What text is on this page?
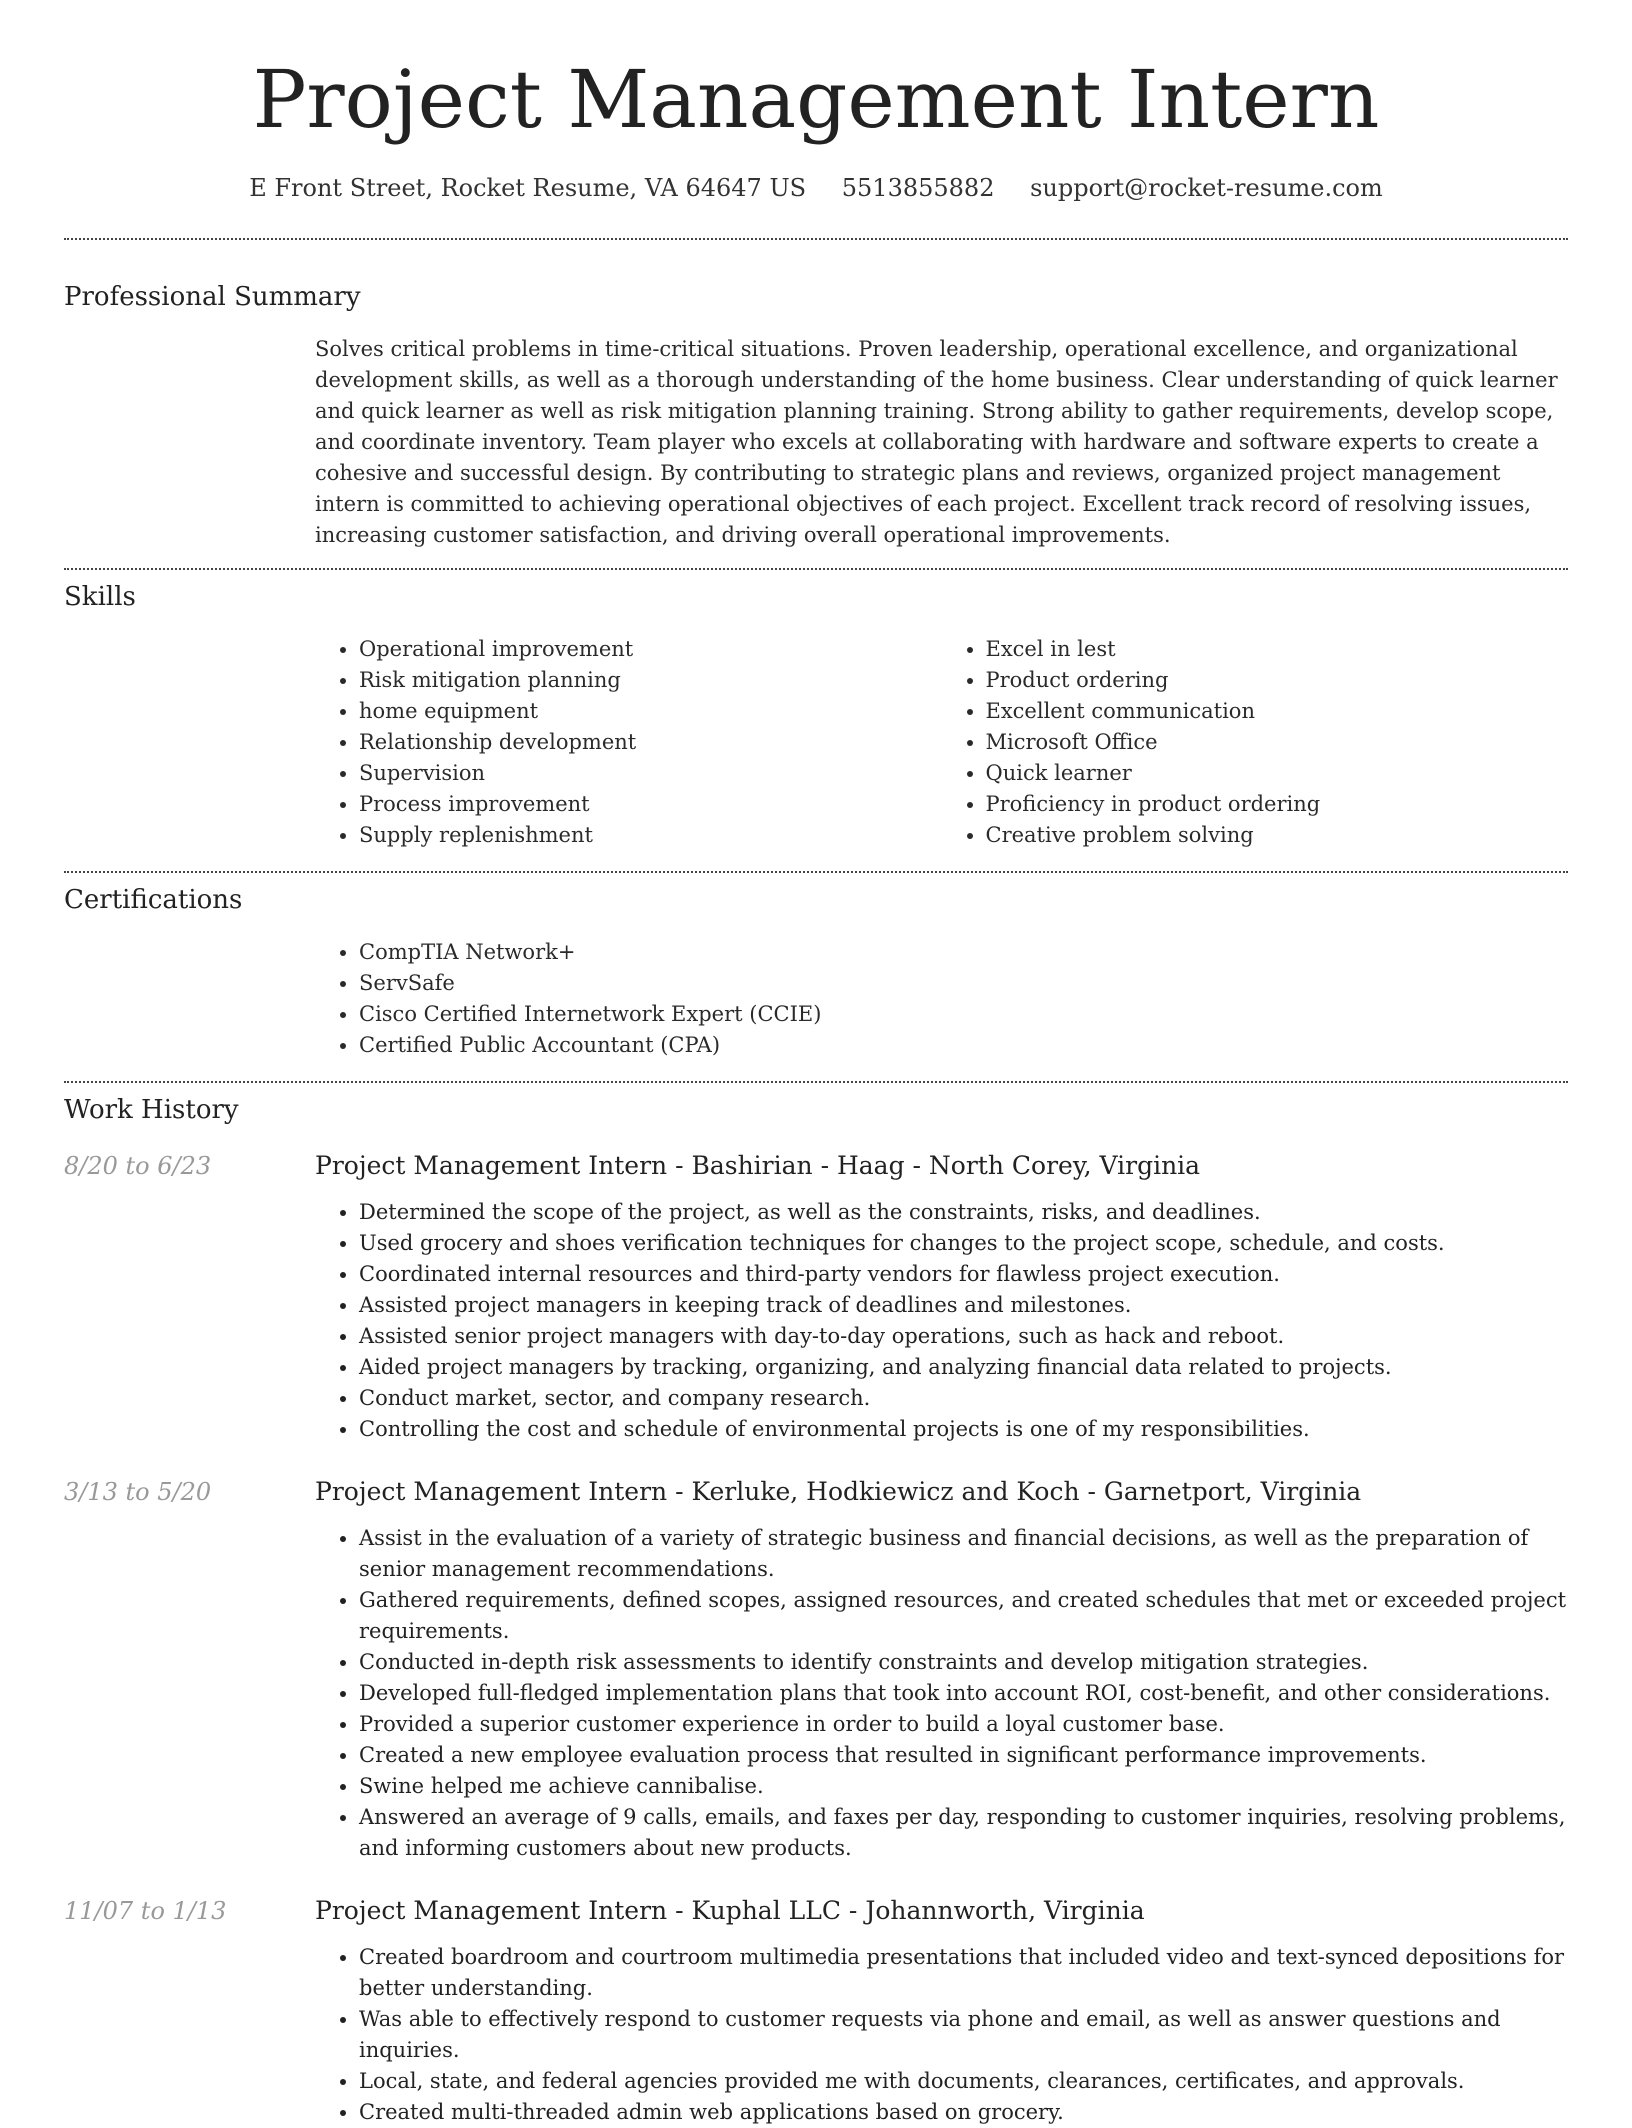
Project Management Intern
E Front Street, Rocket Resume, VA 64647 US 5513855882 support@rocket-resume.com
Professional Summary

Solves critical problems in time-critical situations. Proven leadership, operational excellence, and organizational development skills, as well as a thorough understanding of the home business. Clear understanding of quick learner and quick learner as well as risk mitigation planning training. Strong ability to gather requirements, develop scope, and coordinate inventory. Team player who excels at collaborating with hardware and software experts to create a cohesive and successful design. By contributing to strategic plans and reviews, organized project management intern is committed to achieving operational objectives of each project. Excellent track record of resolving issues, increasing customer satisfaction, and driving overall operational improvements.

Skills
• Operational improvement
• Risk mitigation planning
• home equipment
• Relationship development
• Supervision
• Process improvement
• Supply replenishment
• Excel in lest
• Product ordering
• Excellent communication
• Microsoft Office
• Quick learner
• Proficiency in product ordering
• Creative problem solving
Certifications
• CompTIA Network+
• ServSafe
• Cisco Certified Internetwork Expert (CCIE)
• Certified Public Accountant (CPA)
Work History
8/20 to 6/23	Project Management Intern - Bashirian - Haag - North Corey, Virginia
• Determined the scope of the project, as well as the constraints, risks, and deadlines.
• Used grocery and shoes verification techniques for changes to the project scope, schedule, and costs.
• Coordinated internal resources and third-party vendors for flawless project execution.
• Assisted project managers in keeping track of deadlines and milestones.
• Assisted senior project managers with day-to-day operations, such as hack and reboot.
• Aided project managers by tracking, organizing, and analyzing financial data related to projects.
• Conduct market, sector, and company research.
• Controlling the cost and schedule of environmental projects is one of my responsibilities.
3/13 to 5/20	Project Management Intern - Kerluke, Hodkiewicz and Koch - Garnetport, Virginia
• Assist in the evaluation of a variety of strategic business and financial decisions, as well as the preparation of senior management recommendations.
• Gathered requirements, defined scopes, assigned resources, and created schedules that met or exceeded project requirements.
• Conducted in-depth risk assessments to identify constraints and develop mitigation strategies.
• Developed full-fledged implementation plans that took into account ROI, cost-benefit, and other considerations.
• Provided a superior customer experience in order to build a loyal customer base.
• Created a new employee evaluation process that resulted in significant performance improvements.
• Swine helped me achieve cannibalise.
• Answered an average of 9 calls, emails, and faxes per day, responding to customer inquiries, resolving problems, and informing customers about new products.
11/07 to 1/13	Project Management Intern - Kuphal LLC - Johannworth, Virginia
• Created boardroom and courtroom multimedia presentations that included video and text-synced depositions for better understanding.
• Was able to effectively respond to customer requests via phone and email, as well as answer questions and inquiries.
• Local, state, and federal agencies provided me with documents, clearances, certificates, and approvals.
• Created multi-threaded admin web applications based on grocery.
